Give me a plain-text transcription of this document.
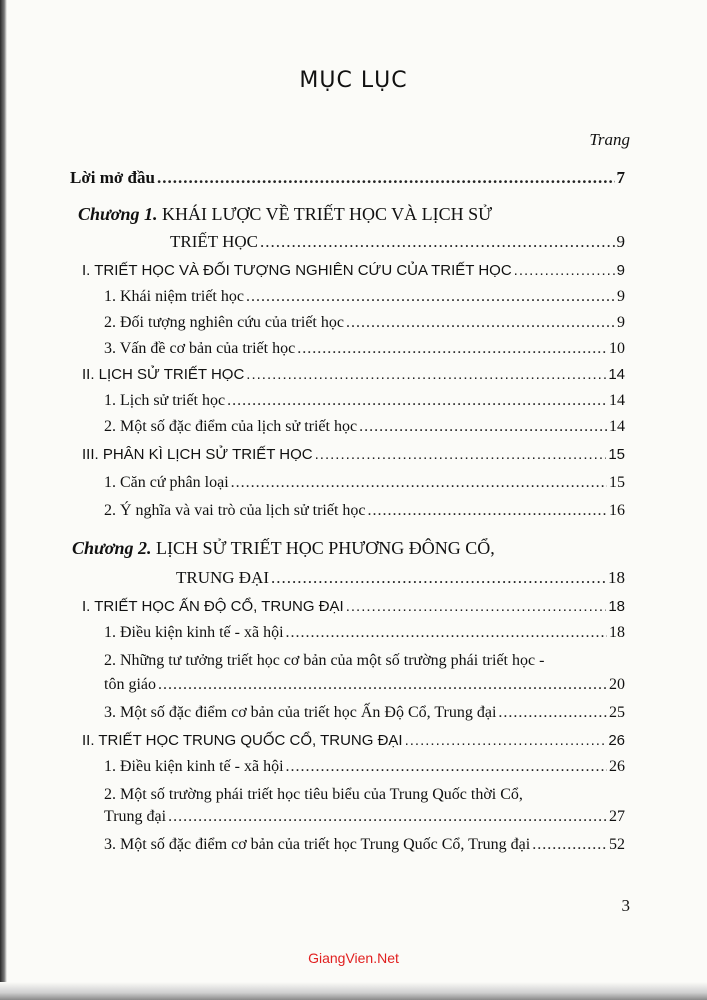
MỤC LỤC
Trang
Lời mở đầu .....	7
Chương 1. KHÁI LƯỢC VỀ TRIẾT HỌC VÀ LỊCH SỬ
TRIẾT HỌC .....	9
I. TRIẾT HỌC VÀ ĐỐI TƯỢNG NGHIÊN CỨU CỦA TRIẾT HỌC .....	9
1. Khái niệm triết học .....	9
2. Đối tượng nghiên cứu của triết học .....	9
3. Vấn đề cơ bản của triết học .....	10
II. LỊCH SỬ TRIẾT HỌC .....	14
1. Lịch sử triết học .....	14
2. Một số đặc điểm của lịch sử triết học .....	14
III. PHÂN KÌ LỊCH SỬ TRIẾT HỌC .....	15
1. Căn cứ phân loại .....	15
2. Ý nghĩa và vai trò của lịch sử triết học .....	16
Chương 2. LỊCH SỬ TRIẾT HỌC PHƯƠNG ĐÔNG CỔ,
TRUNG ĐẠI .....	18
I. TRIẾT HỌC ẤN ĐỘ CỔ, TRUNG ĐẠI .....	18
1. Điều kiện kinh tế - xã hội .....	18
2. Những tư tưởng triết học cơ bản của một số trường phái triết học -
tôn giáo .....	20
3. Một số đặc điểm cơ bản của triết học Ấn Độ Cổ, Trung đại .....	25
II. TRIẾT HỌC TRUNG QUỐC CỔ, TRUNG ĐẠI .....	26
1. Điều kiện kinh tế - xã hội .....	26
2. Một số trường phái triết học tiêu biểu của Trung Quốc thời Cổ,
Trung đại .....	27
3. Một số đặc điểm cơ bản của triết học Trung Quốc Cổ, Trung đại .....	52
3
GiangVien.Net
